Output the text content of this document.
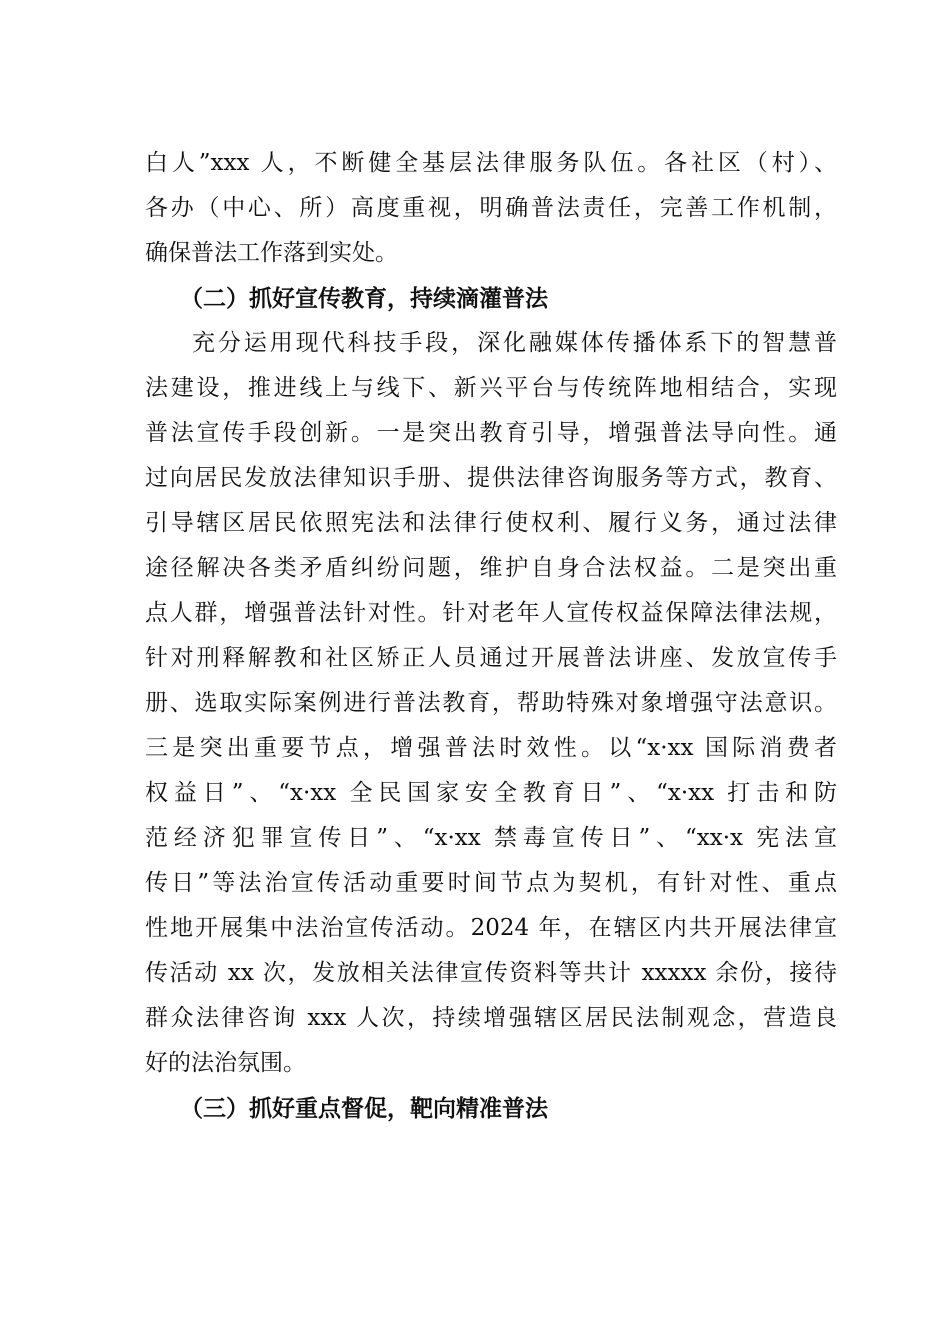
白人”xxx 人，不断健全基层法律服务队伍。各社区（村）、
各办（中心、所）高度重视，明确普法责任，完善工作机制，
确保普法工作落到实处。
（二）抓好宣传教育，持续滴灌普法
充分运用现代科技手段，深化融媒体传播体系下的智慧普
法建设，推进线上与线下、新兴平台与传统阵地相结合，实现
普法宣传手段创新。一是突出教育引导，增强普法导向性。通
过向居民发放法律知识手册、提供法律咨询服务等方式，教育、
引导辖区居民依照宪法和法律行使权利、履行义务，通过法律
途径解决各类矛盾纠纷问题，维护自身合法权益。二是突出重
点人群，增强普法针对性。针对老年人宣传权益保障法律法规，
针对刑释解教和社区矫正人员通过开展普法讲座、发放宣传手
册、选取实际案例进行普法教育，帮助特殊对象增强守法意识。
三是突出重要节点，增强普法时效性。以“x·xx 国际消费者
权益日”、“x·xx 全民国家安全教育日”、“x·xx 打击和防
范经济犯罪宣传日”、“x·xx 禁毒宣传日”、“xx·x 宪法宣
传日”等法治宣传活动重要时间节点为契机，有针对性、重点
性地开展集中法治宣传活动。2024 年，在辖区内共开展法律宣
传活动 xx 次，发放相关法律宣传资料等共计 xxxxx 余份，接待
群众法律咨询 xxx 人次，持续增强辖区居民法制观念，营造良
好的法治氛围。
（三）抓好重点督促，靶向精准普法
